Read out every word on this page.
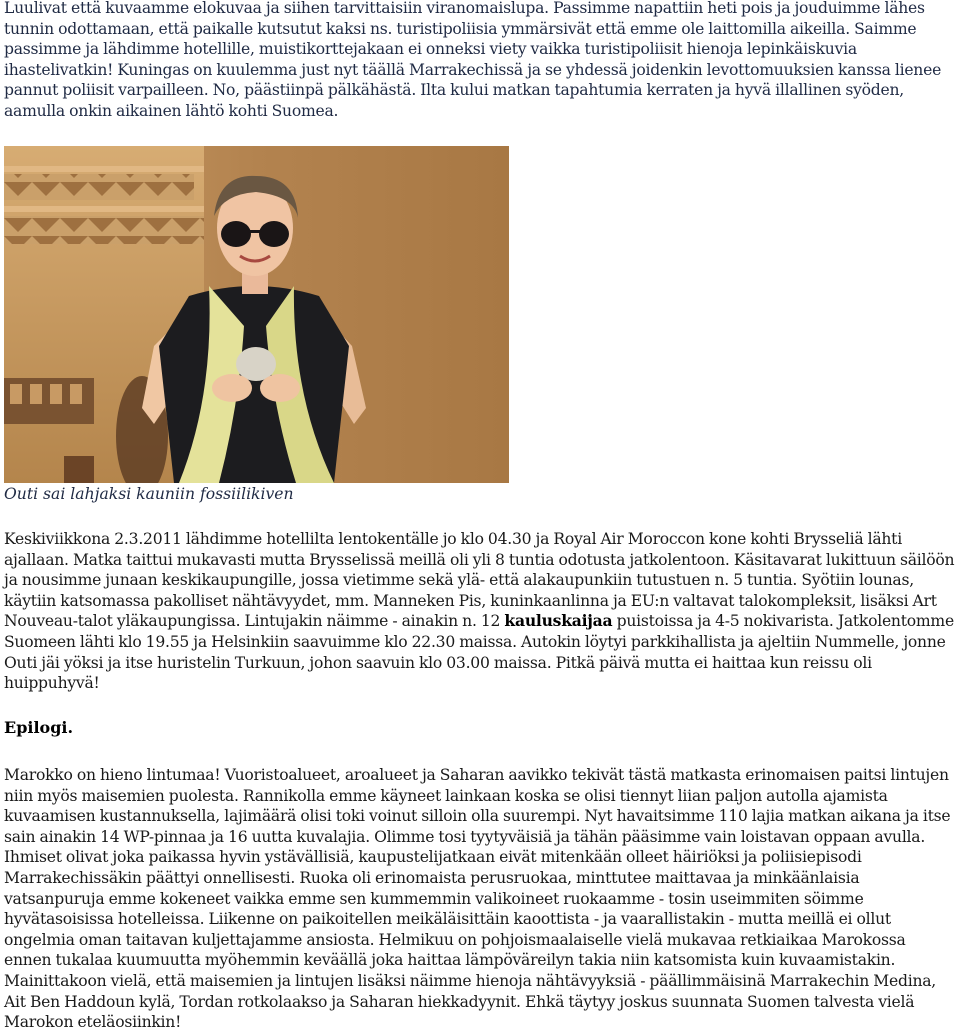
Luulivat että kuvaamme elokuvaa ja siihen tarvittaisiin viranomaislupa. Passimme napattiin heti pois ja jouduimme lähes tunnin odottamaan, että paikalle kutsutut kaksi ns. turistipoliisia ymmärsivät että emme ole laittomilla aikeilla. Saimme passimme ja lähdimme hotellille, muistikorttejakaan ei onneksi viety vaikka turistipoliisit hienoja lepinkäiskuvia ihastelivatkin! Kuningas on kuulemma just nyt täällä Marrakechissä ja se yhdessä joidenkin levottomuuksien kanssa lienee pannut poliisit varpailleen. No, päästiinpä pälkähästä. Ilta kului matkan tapahtumia kerraten ja hyvä illallinen syöden, aamulla onkin aikainen lähtö kohti Suomea.

Outi sai lahjaksi kauniin fossiilikiven

Keskiviikkona 2.3.2011 lähdimme hotellilta lentokentälle jo klo 04.30 ja Royal Air Moroccon kone kohti Brysseliä lähti ajallaan. Matka taittui mukavasti mutta Brysselissä meillä oli yli 8 tuntia odotusta jatkolentoon. Käsitavarat lukittuun säilöön ja nousimme junaan keskikaupungille, jossa vietimme sekä ylä- että alakaupunkiin tutustuen n. 5 tuntia. Syötiin lounas, käytiin katsomassa pakolliset nähtävyydet, mm. Manneken Pis, kuninkaanlinna ja EU:n valtavat talokompleksit, lisäksi Art Nouveau-talot yläkaupungissa. Lintujakin näimme - ainakin n. 12 kauluskaijaa puistoissa ja 4-5 nokivaristа. Jatkolentomme Suomeen lähti klo 19.55 ja Helsinkiin saavuimme klo 22.30 maissa. Autokin löytyi parkkihallista ja ajeltiin Nummelle, jonne Outi jäi yöksi ja itse huristelin Turkuun, johon saavuin klo 03.00 maissa. Pitkä päivä mutta ei haittaa kun reissu oli huippuhyvä!

Epilogi.

Marokko on hieno lintumaa! Vuoristoalueet, aroalueet ja Saharan aavikko tekivät tästä matkasta erinomaisen paitsi lintujen niin myös maisemien puolesta. Rannikolla emme käyneet lainkaan koska se olisi tiennyt liian paljon autolla ajamista kuvaamisen kustannuksella, lajimäärä olisi toki voinut silloin olla suurempi. Nyt havaitsimme 110 lajia matkan aikana ja itse sain ainakin 14 WP-pinnaa ja 16 uutta kuvalajia. Olimme tosi tyytyväisiä ja tähän pääsimme vain loistavan oppaan avulla. Ihmiset olivat joka paikassa hyvin ystävällisiä, kaupustelijatkaan eivät mitenkään olleet häiriöksi ja poliisiepisodi Marrakechissäkin päättyi onnellisesti. Ruoka oli erinomaista perusruokaa, minttutee maittavaa ja minkäänlaisia vatsanpuruja emme kokeneet vaikka emme sen kummemmin valikoineet ruokaamme - tosin useimmiten söimme hyvätasoisissa hotelleissa. Liikenne on paikoitellen meikäläisittäin kaoottista - ja vaarallistakin - mutta meillä ei ollut ongelmia oman taitavan kuljettajamme ansiosta. Helmikuu on pohjoismaalaiselle vielä mukavaa retkiaikaa Marokossa ennen tukalaa kuumuutta myöhemmin keväällä joka haittaa lämpöväreilyn takia niin katsomista kuin kuvaamistakin. Mainittakoon vielä, että maisemien ja lintujen lisäksi näimme hienoja nähtävyyksiä - päällimmäisinä Marrakechin Medina, Ait Ben Haddoun kylä, Tordan rotkolaakso ja Saharan hiekkadyynit. Ehkä täytyy joskus suunnata Suomen talvesta vielä Marokon eteläosiinkin!
